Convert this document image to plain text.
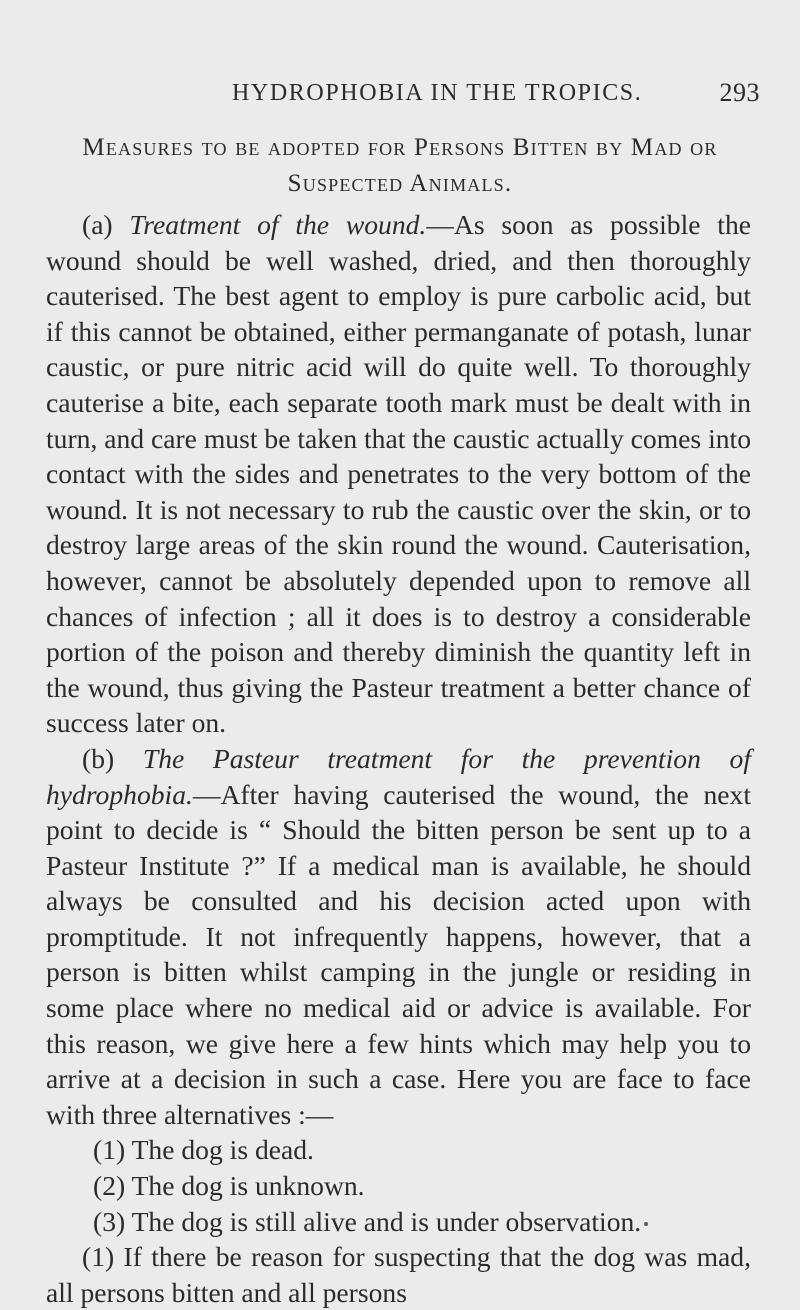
HYDROPHOBIA IN THE TROPICS.	293
Measures to be adopted for Persons Bitten by Mad or Suspected Animals.

(a) Treatment of the wound.—As soon as possible the wound should be well washed, dried, and then thoroughly cauterised. The best agent to employ is pure carbolic acid, but if this cannot be obtained, either permanganate of potash, lunar caustic, or pure nitric acid will do quite well. To thoroughly cauterise a bite, each separate tooth mark must be dealt with in turn, and care must be taken that the caustic actually comes into contact with the sides and penetrates to the very bottom of the wound. It is not necessary to rub the caustic over the skin, or to destroy large areas of the skin round the wound. Cauterisation, however, cannot be absolutely depended upon to remove all chances of infection ; all it does is to destroy a considerable portion of the poison and thereby diminish the quantity left in the wound, thus giving the Pasteur treatment a better chance of success later on.

(b) The Pasteur treatment for the prevention of hydrophobia.—After having cauterised the wound, the next point to decide is “ Should the bitten person be sent up to a Pasteur Institute ?” If a medical man is available, he should always be consulted and his decision acted upon with promptitude. It not infrequently happens, however, that a person is bitten whilst camping in the jungle or residing in some place where no medical aid or advice is available. For this reason, we give here a few hints which may help you to arrive at a decision in such a case. Here you are face to face with three alternatives :—

(1) The dog is dead.
(2) The dog is unknown.
(3) The dog is still alive and is under observation.

(1) If there be reason for suspecting that the dog was mad, all persons bitten and all persons
